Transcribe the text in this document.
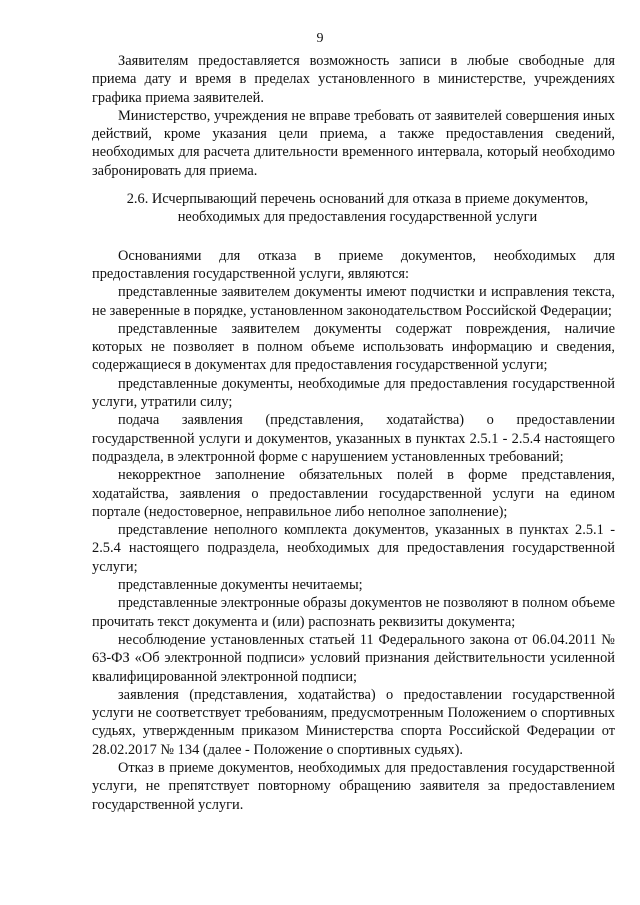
9

Заявителям предоставляется возможность записи в любые свободные для приема дату и время в пределах установленного в министерстве, учреждениях графика приема заявителей.

Министерство, учреждения не вправе требовать от заявителей совершения иных действий, кроме указания цели приема, а также предоставления сведений, необходимых для расчета длительности временного интервала, который необходимо забронировать для приема.

2.6. Исчерпывающий перечень оснований для отказа в приеме документов, необходимых для предоставления государственной услуги

Основаниями для отказа в приеме документов, необходимых для предоставления государственной услуги, являются:

представленные заявителем документы имеют подчистки и исправления текста, не заверенные в порядке, установленном законодательством Российской Федерации;

представленные заявителем документы содержат повреждения, наличие которых не позволяет в полном объеме использовать информацию и сведения, содержащиеся в документах для предоставления государственной услуги;

представленные документы, необходимые для предоставления государственной услуги, утратили силу;

подача заявления (представления, ходатайства) о предоставлении государственной услуги и документов, указанных в пунктах 2.5.1 - 2.5.4 настоящего подраздела, в электронной форме с нарушением установленных требований;

некорректное заполнение обязательных полей в форме представления, ходатайства, заявления о предоставлении государственной услуги на едином портале (недостоверное, неправильное либо неполное заполнение);

представление неполного комплекта документов, указанных в пунктах 2.5.1 - 2.5.4 настоящего подраздела, необходимых для предоставления государственной услуги;

представленные документы нечитаемы;

представленные электронные образы документов не позволяют в полном объеме прочитать текст документа и (или) распознать реквизиты документа;

несоблюдение установленных статьей 11 Федерального закона от 06.04.2011 № 63-ФЗ «Об электронной подписи» условий признания действительности усиленной квалифицированной электронной подписи;

заявления (представления, ходатайства) о предоставлении государственной услуги не соответствует требованиям, предусмотренным Положением о спортивных судьях, утвержденным приказом Министерства спорта Российской Федерации от 28.02.2017 № 134 (далее - Положение о спортивных судьях).

Отказ в приеме документов, необходимых для предоставления государственной услуги, не препятствует повторному обращению заявителя за предоставлением государственной услуги.
